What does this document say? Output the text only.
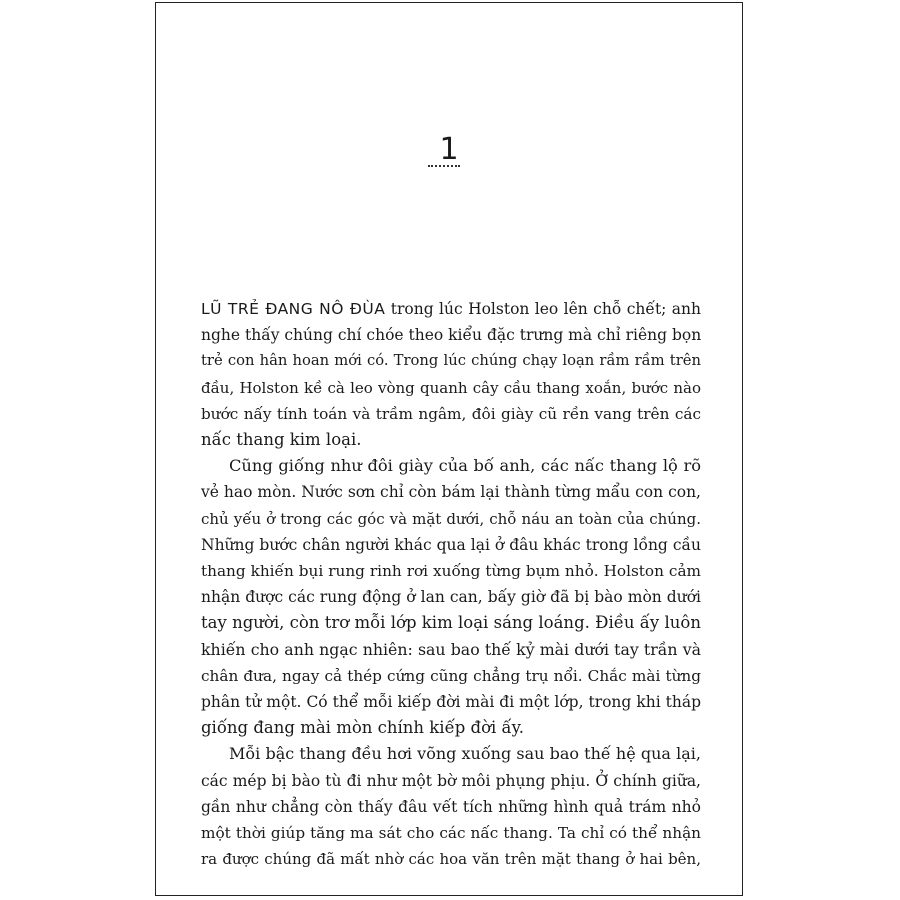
1
LŨ TRẺ ĐANG NÔ ĐÙA trong lúc Holston leo lên chỗ chết; anh
nghe thấy chúng chí chóe theo kiểu đặc trưng mà chỉ riêng bọn
trẻ con hân hoan mới có. Trong lúc chúng chạy loạn rầm rầm trên
đầu, Holston kề cà leo vòng quanh cây cầu thang xoắn, bước nào
bước nấy tính toán và trầm ngâm, đôi giày cũ rền vang trên các
nấc thang kim loại.
Cũng giống như đôi giày của bố anh, các nấc thang lộ rõ
vẻ hao mòn. Nước sơn chỉ còn bám lại thành từng mẩu con con,
chủ yếu ở trong các góc và mặt dưới, chỗ náu an toàn của chúng.
Những bước chân người khác qua lại ở đâu khác trong lồng cầu
thang khiến bụi rung rinh rơi xuống từng bụm nhỏ. Holston cảm
nhận được các rung động ở lan can, bấy giờ đã bị bào mòn dưới
tay người, còn trơ mỗi lớp kim loại sáng loáng. Điều ấy luôn
khiến cho anh ngạc nhiên: sau bao thế kỷ mài dưới tay trần và
chân đưa, ngay cả thép cứng cũng chẳng trụ nổi. Chắc mài từng
phân tử một. Có thể mỗi kiếp đời mài đi một lớp, trong khi tháp
giống đang mài mòn chính kiếp đời ấy.
Mỗi bậc thang đều hơi võng xuống sau bao thế hệ qua lại,
các mép bị bào tù đi như một bờ môi phụng phịu. Ở chính giữa,
gần như chẳng còn thấy đâu vết tích những hình quả trám nhỏ
một thời giúp tăng ma sát cho các nấc thang. Ta chỉ có thể nhận
ra được chúng đã mất nhờ các hoa văn trên mặt thang ở hai bên,
